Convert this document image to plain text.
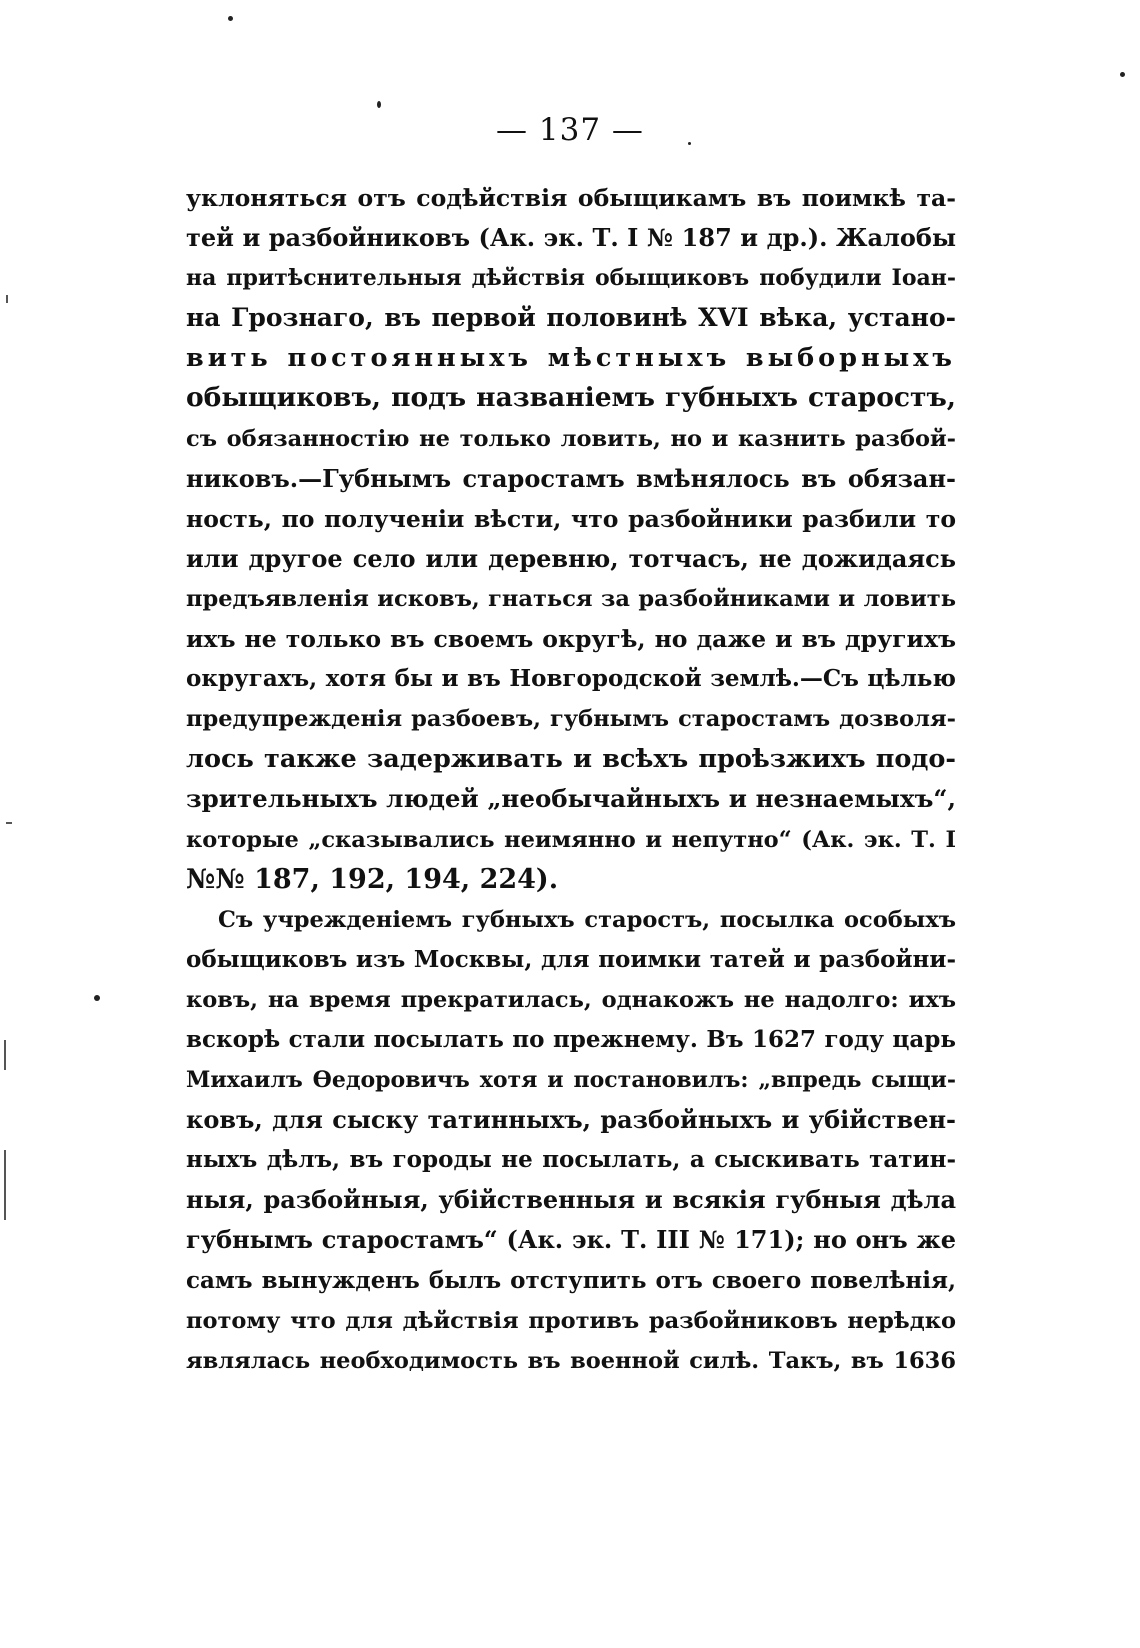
— 137 —
уклоняться отъ содѣйствія обыщикамъ въ поимкѣ та-
тей и разбойниковъ (Ак. эк. Т. I № 187 и др.). Жалобы
на притѣснительныя дѣйствія обыщиковъ побудили Іоан-
на Грознаго, въ первой половинѣ XVI вѣка, устано-
вить постоянныхъ мѣстныхъ выборныхъ
обыщиковъ, подъ названіемъ губныхъ старостъ,
съ обязанностію не только ловить, но и казнить разбой-
никовъ.—Губнымъ старостамъ вмѣнялось въ обязан-
ность, по полученіи вѣсти, что разбойники разбили то
или другое село или деревню, тотчасъ, не дожидаясь
предъявленія исковъ, гнаться за разбойниками и ловить
ихъ не только въ своемъ округѣ, но даже и въ другихъ
округахъ, хотя бы и въ Новгородской землѣ.—Съ цѣлью
предупрежденія разбоевъ, губнымъ старостамъ дозволя-
лось также задерживать и всѣхъ проѣзжихъ подо-
зрительныхъ людей „необычайныхъ и незнаемыхъ“,
которые „сказывались неимянно и непутно“ (Ак. эк. Т. I
№№ 187, 192, 194, 224).
Съ учрежденіемъ губныхъ старостъ, посылка особыхъ
обыщиковъ изъ Москвы, для поимки татей и разбойни-
ковъ, на время прекратилась, однакожъ не надолго: ихъ
вскорѣ стали посылать по прежнему. Въ 1627 году царь
Михаилъ Ѳедоровичъ хотя и постановилъ: „впредь сыщи-
ковъ, для сыску татинныхъ, разбойныхъ и убійствен-
ныхъ дѣлъ, въ городы не посылать, а сыскивать татин-
ныя, разбойныя, убійственныя и всякія губныя дѣла
губнымъ старостамъ“ (Ак. эк. Т. III № 171); но онъ же
самъ вынужденъ былъ отступить отъ своего повелѣнія,
потому что для дѣйствія противъ разбойниковъ нерѣдко
являлась необходимость въ военной силѣ. Такъ, въ 1636
